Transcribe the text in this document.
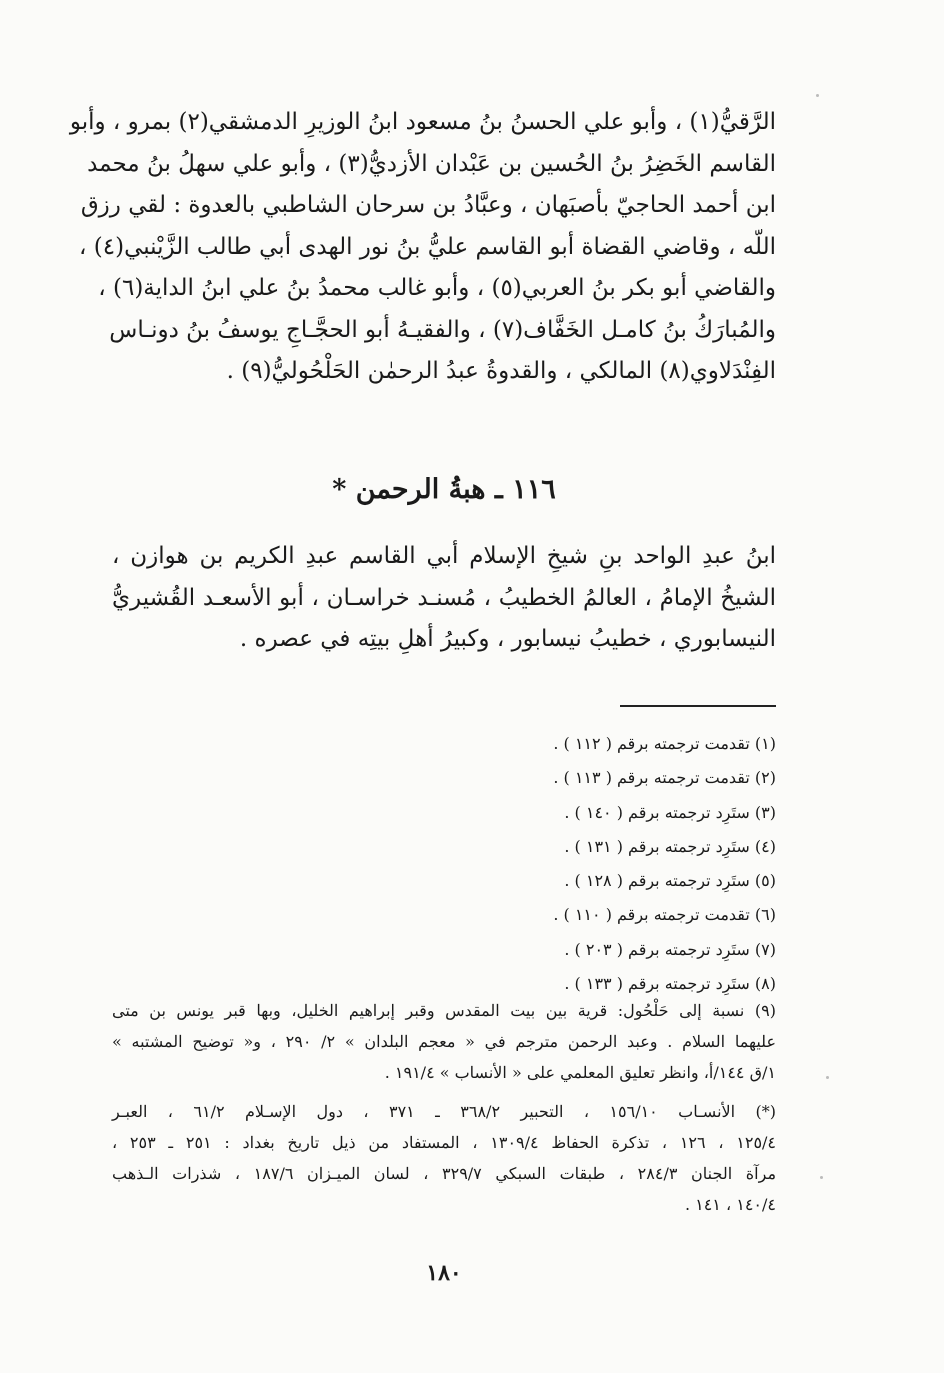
الرَّقيُّ(١) ، وأبو علي الحسنُ بنُ مسعود ابنُ الوزيرِ الدمشقي(٢) بمرو ، وأبو
القاسم الخَضِرُ بنُ الحُسين بن عَبْدان الأزديُّ(٣) ، وأبو علي سهلُ بنُ محمد
ابن أحمد الحاجيّ بأصبَهان ، وعبَّادُ بن سرحان الشاطبي بالعدوة : لقي رزق
اللّه ، وقاضي القضاة أبو القاسم عليُّ بنُ نور الهدى أبي طالب الزَّيْنبي(٤) ،
والقاضي أبو بكر بنُ العربي(٥) ، وأبو غالب محمدُ بنُ علي ابنُ الداية(٦) ،
والمُبارَكُ بنُ كامـل الخَفَّاف(٧) ، والفقيـهُ أبو الحجَّـاجِ يوسفُ بنُ دونـاس
الفِنْدَلاوي(٨) المالكي ، والقدوةُ عبدُ الرحمٰن الحَلْحُوليُّ(٩) .
١١٦ ـ هبةُ الرحمن *
ابنُ عبدِ الواحد بنِ شيخِ الإسلام أبي القاسم عبدِ الكريم بن هوازن ،
الشيخُ الإمامُ ، العالمُ الخطيبُ ، مُسنـد خراسـان ، أبو الأسعـد القُشيريُّ
النيسابوري ، خطيبُ نيسابور ، وكبيرُ أهلِ بيتِه في عصره .
(١) تقدمت ترجمته برقم ( ١١٢ ) .
(٢) تقدمت ترجمته برقم ( ١١٣ ) .
(٣) ستَرِد ترجمته برقم ( ١٤٠ ) .
(٤) ستَرِد ترجمته برقم ( ١٣١ ) .
(٥) ستَرِد ترجمته برقم ( ١٢٨ ) .
(٦) تقدمت ترجمته برقم ( ١١٠ ) .
(٧) ستَرِد ترجمته برقم ( ٢٠٣ ) .
(٨) ستَرِد ترجمته برقم ( ١٣٣ ) .
(٩) نسبة إلى حَلْحُول: قرية بين بيت المقدس وقبر إبراهيم الخليل، وبها قبر يونس بن متى
عليهما السلام . وعبد الرحمن مترجم في « معجم البلدان » ٢/ ٢٩٠ ، و« توضيح المشتبه »
١/ق ١٤٤/أ، وانظر تعليق المعلمي على « الأنساب » ١٩١/٤ .
(*) الأنسـاب ١٥٦/١٠ ، التحبير ٣٦٨/٢ ـ ٣٧١ ، دول الإسـلام ٦١/٢ ، العبـر
١٢٥/٤ ، ١٢٦ ، تذكرة الحفاظ ١٣٠٩/٤ ، المستفاد من ذيل تاريخ بغداد : ٢٥١ ـ ٢٥٣ ،
مرآة الجنان ٢٨٤/٣ ، طبقات السبكي ٣٢٩/٧ ، لسان الميـزان ١٨٧/٦ ، شذرات الـذهب
١٤٠/٤ ، ١٤١ .
١٨٠
